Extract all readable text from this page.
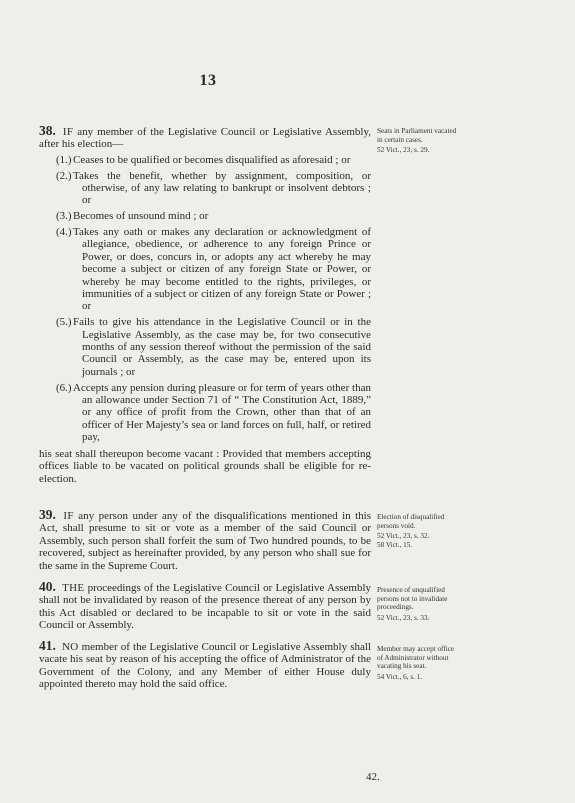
13

38. IF any member of the Legislative Council or Legislative Assembly, after his election—

(1.) Ceases to be qualified or becomes disqualified as aforesaid ; or
(2.) Takes the benefit, whether by assignment, composition, or otherwise, of any law relating to bankrupt or insolvent debtors ; or
(3.) Becomes of unsound mind ; or
(4.) Takes any oath or makes any declaration or acknowledgment of allegiance, obedience, or adherence to any foreign Prince or Power, or does, concurs in, or adopts any act whereby he may become a subject or citizen of any foreign State or Power, or whereby he may become entitled to the rights, privileges, or immunities of a subject or citizen of any foreign State or Power ; or
(5.) Fails to give his attendance in the Legislative Council or in the Legislative Assembly, as the case may be, for two consecutive months of any session thereof without the permission of the said Council or Assembly, as the case may be, entered upon its journals ; or
(6.) Accepts any pension during pleasure or for term of years other than an allowance under Section 71 of “ The Constitution Act, 1889,” or any office of profit from the Crown, other than that of an officer of Her Majesty’s sea or land forces on full, half, or retired pay,

his seat shall thereupon become vacant : Provided that members accepting offices liable to be vacated on political grounds shall be eligible for re-election.

Seats in Parliament vacated in certain cases.
52 Vict., 23, s. 29.

39. IF any person under any of the disqualifications mentioned in this Act, shall presume to sit or vote as a member of the said Council or Assembly, such person shall forfeit the sum of Two hundred pounds, to be recovered, subject as hereinafter provided, by any person who shall sue for the same in the Supreme Court.

Election of disqualified persons void.
52 Vict., 23, s. 32.
58 Vict., 15.

40. THE proceedings of the Legislative Council or Legislative Assembly shall not be invalidated by reason of the presence thereat of any person by this Act disabled or declared to be incapable to sit or vote in the said Council or Assembly.

Presence of unqualified persons not to invalidate proceedings.
52 Vict., 23, s. 33.

41. NO member of the Legislative Council or Legislative Assembly shall vacate his seat by reason of his accepting the office of Administrator of the Government of the Colony, and any Member of either House duly appointed thereto may hold the said office.

Member may accept office of Administrator without vacating his seat.
54 Vict., 6, s. 1.
42.
